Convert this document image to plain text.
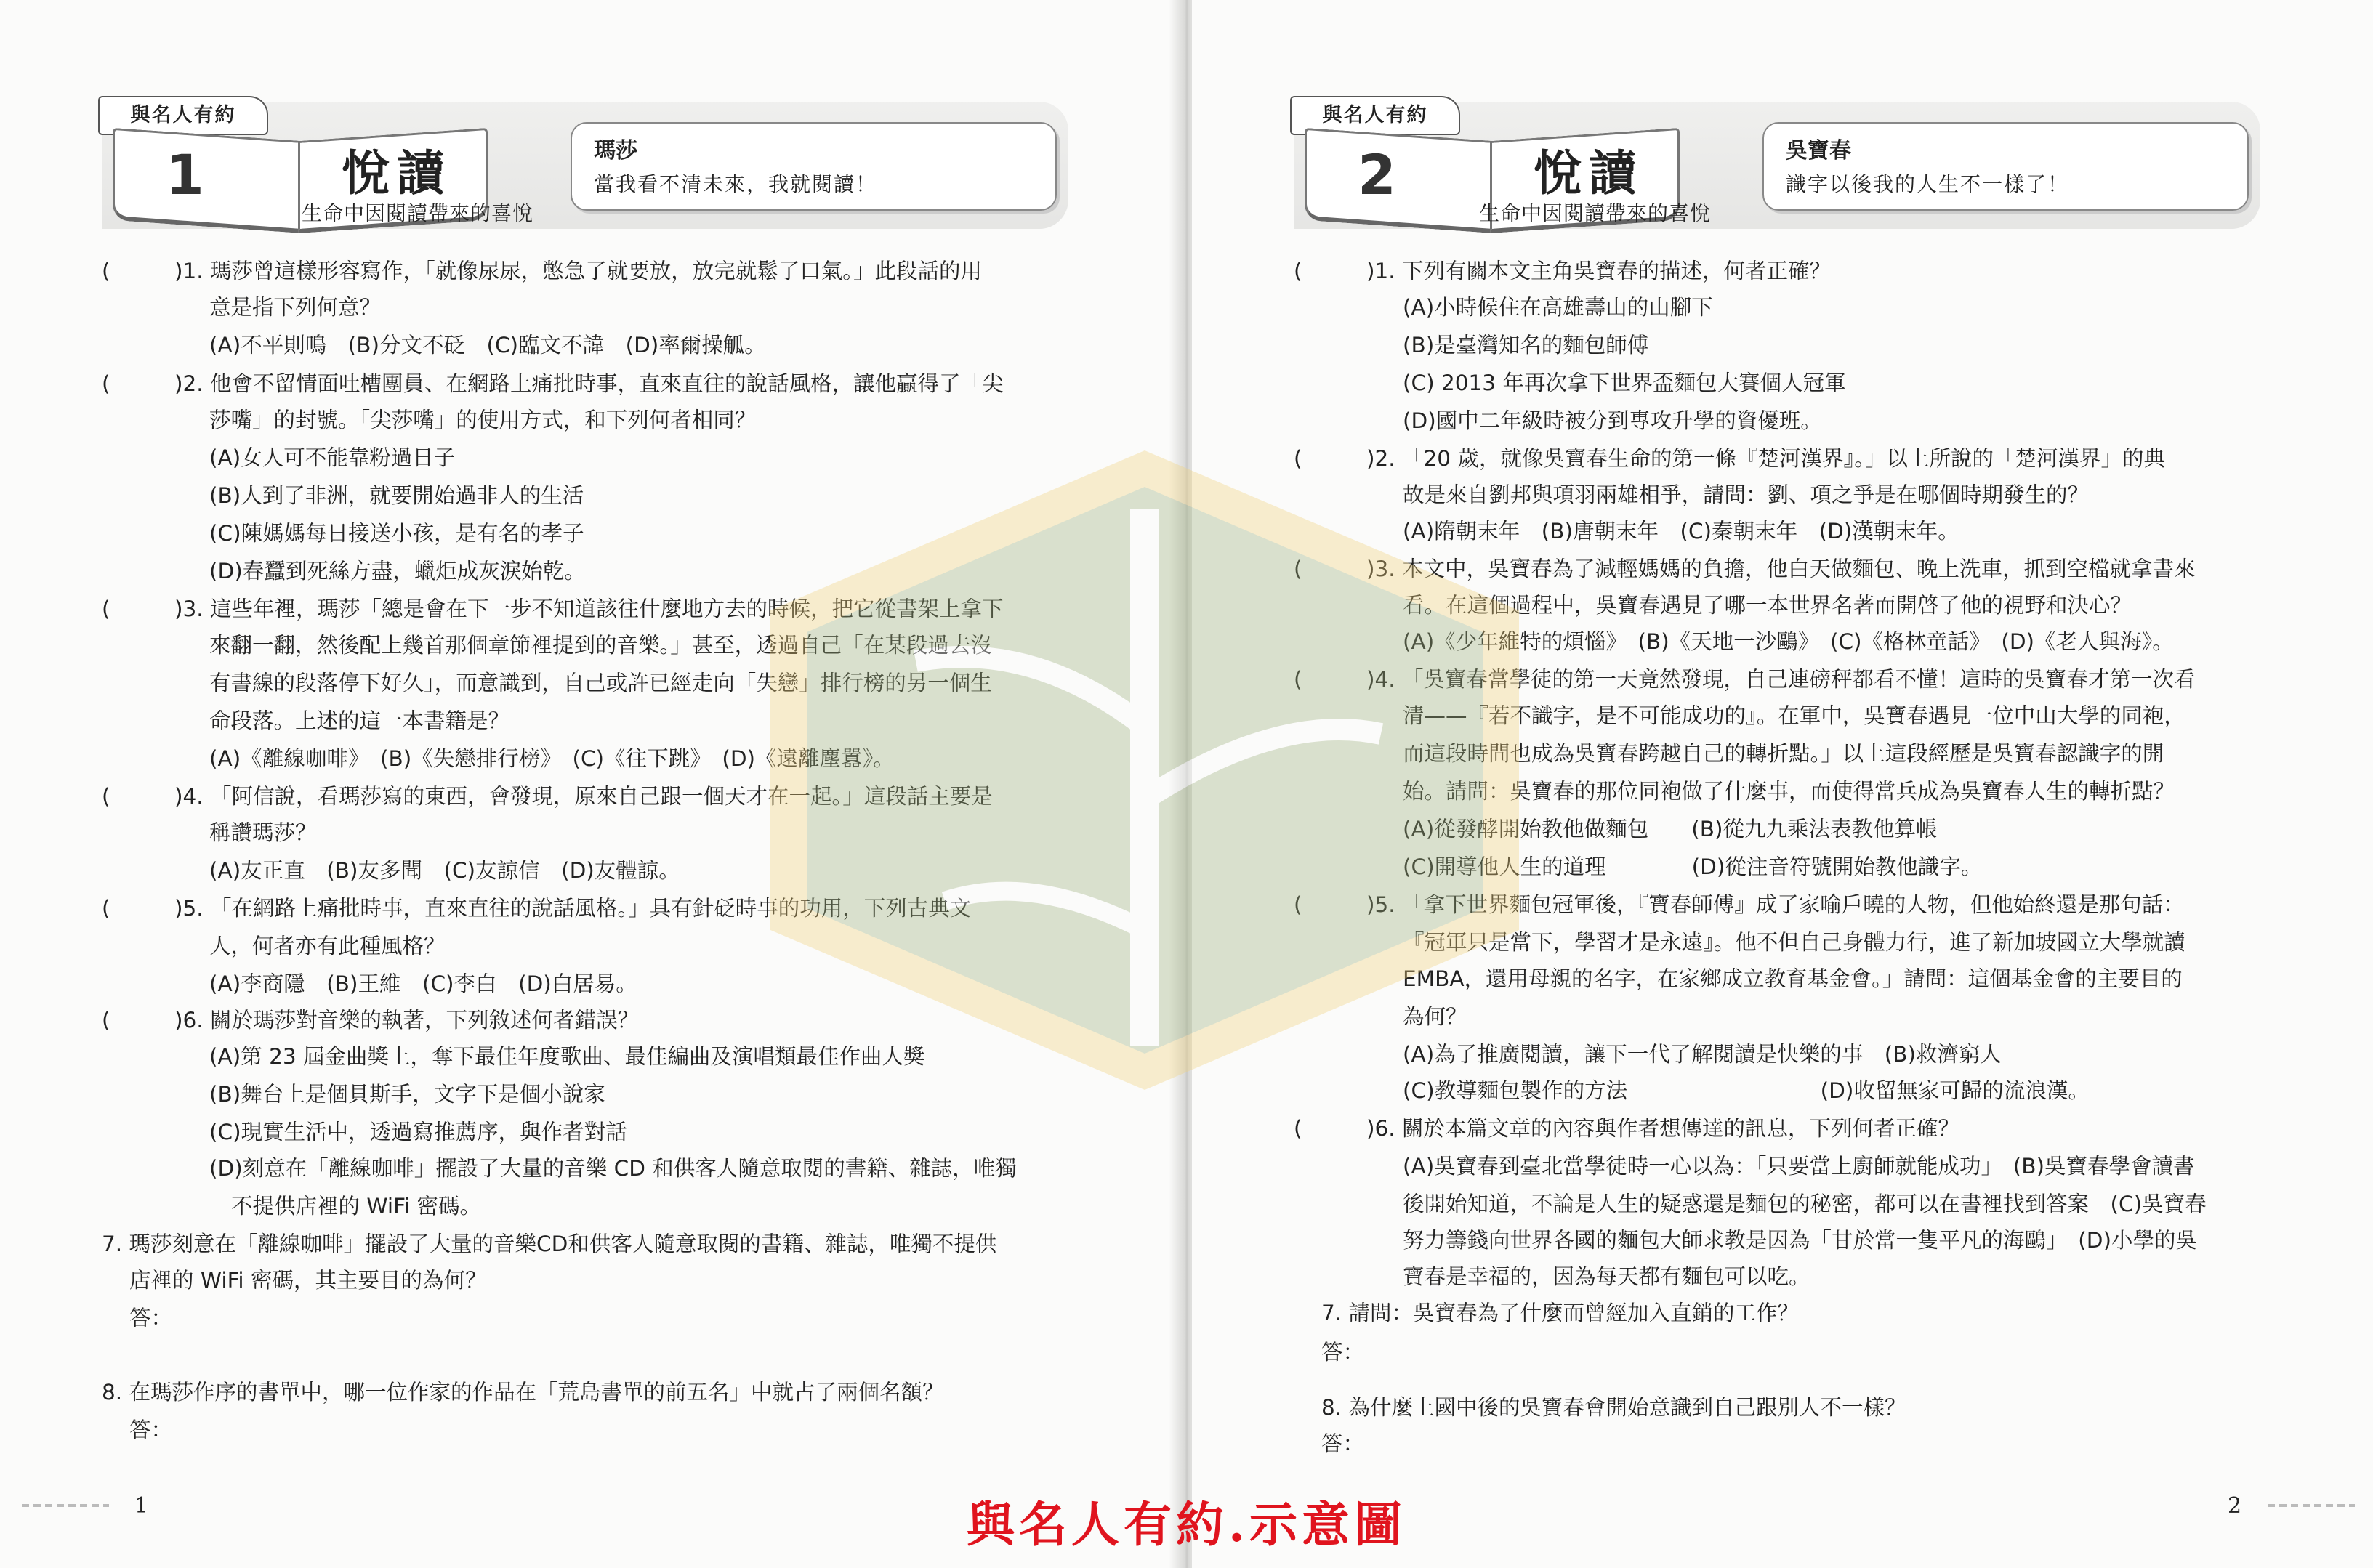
與名人有約
1	悅讀
生命中因閱讀帶來的喜悅
瑪莎
當我看不清未來，我就閱讀！
(　　　)1. 瑪莎曾這樣形容寫作，「就像尿尿，憋急了就要放，放完就鬆了口氣。」此段話的用
意是指下列何意？
(A)不平則鳴　(B)分文不砭　(C)臨文不諱　(D)率爾操觚。
(　　　)2. 他會不留情面吐槽團員、在網路上痛批時事，直來直往的說話風格，讓他贏得了「尖
莎嘴」的封號。「尖莎嘴」的使用方式，和下列何者相同？
(A)女人可不能靠粉過日子
(B)人到了非洲，就要開始過非人的生活
(C)陳媽媽每日接送小孩，是有名的孝子
(D)春蠶到死絲方盡，蠟炬成灰淚始乾。
(　　　)3. 這些年裡，瑪莎「總是會在下一步不知道該往什麼地方去的時候，把它從書架上拿下
來翻一翻，然後配上幾首那個章節裡提到的音樂。」甚至，透過自己「在某段過去沒
有書線的段落停下好久」，而意識到，自己或許已經走向「失戀」排行榜的另一個生
命段落。上述的這一本書籍是？
(A)《離線咖啡》　(B)《失戀排行榜》　(C)《往下跳》　(D)《遠離塵囂》。
(　　　)4. 「阿信說，看瑪莎寫的東西，會發現，原來自己跟一個天才在一起。」這段話主要是
稱讚瑪莎？
(A)友正直　(B)友多聞　(C)友諒信　(D)友體諒。
(　　　)5. 「在網路上痛批時事，直來直往的說話風格。」具有針砭時事的功用，下列古典文
人，何者亦有此種風格？
(A)李商隱　(B)王維　(C)李白　(D)白居易。
(　　　)6. 關於瑪莎對音樂的執著，下列敘述何者錯誤？
(A)第 23 屆金曲獎上，奪下最佳年度歌曲、最佳編曲及演唱類最佳作曲人獎
(B)舞台上是個貝斯手，文字下是個小說家
(C)現實生活中，透過寫推薦序，與作者對話
(D)刻意在「離線咖啡」擺設了大量的音樂 CD 和供客人隨意取閱的書籍、雜誌，唯獨
不提供店裡的 WiFi 密碼。
7. 瑪莎刻意在「離線咖啡」擺設了大量的音樂CD和供客人隨意取閱的書籍、雜誌，唯獨不提供
店裡的 WiFi 密碼，其主要目的為何？
答：
8. 在瑪莎作序的書單中，哪一位作家的作品在「荒島書單的前五名」中就占了兩個名額？
答：
1
與名人有約
2	悅讀
生命中因閱讀帶來的喜悅
吳寶春
識字以後我的人生不一樣了！
(　　　)1. 下列有關本文主角吳寶春的描述，何者正確？
(A)小時候住在高雄壽山的山腳下
(B)是臺灣知名的麵包師傅
(C) 2013 年再次拿下世界盃麵包大賽個人冠軍
(D)國中二年級時被分到專攻升學的資優班。
(　　　)2. 「20 歲，就像吳寶春生命的第一條『楚河漢界』。」以上所說的「楚河漢界」的典
故是來自劉邦與項羽兩雄相爭，請問：劉、項之爭是在哪個時期發生的？
(A)隋朝末年　(B)唐朝末年　(C)秦朝末年　(D)漢朝末年。
(　　　)3. 本文中，吳寶春為了減輕媽媽的負擔，他白天做麵包、晚上洗車，抓到空檔就拿書來
看。在這個過程中，吳寶春遇見了哪一本世界名著而開啓了他的視野和決心？
(A)《少年維特的煩惱》　(B)《天地一沙鷗》　(C)《格林童話》　(D)《老人與海》。
(　　　)4. 「吳寶春當學徒的第一天竟然發現，自己連磅秤都看不懂！這時的吳寶春才第一次看
清——『若不識字，是不可能成功的』。在軍中，吳寶春遇見一位中山大學的同袍，
而這段時間也成為吳寶春跨越自己的轉折點。」以上這段經歷是吳寶春認識字的開
始。請問：吳寶春的那位同袍做了什麼事，而使得當兵成為吳寶春人生的轉折點？
(A)從發酵開始教他做麵包　　(B)從九九乘法表教他算帳
(C)開導他人生的道理　　　　(D)從注音符號開始教他識字。
(　　　)5. 「拿下世界麵包冠軍後，『寶春師傅』成了家喻戶曉的人物，但他始終還是那句話：
『冠軍只是當下，學習才是永遠』。他不但自己身體力行，進了新加坡國立大學就讀
EMBA，還用母親的名字，在家鄉成立教育基金會。」請問：這個基金會的主要目的
為何？
(A)為了推廣閱讀，讓下一代了解閱讀是快樂的事　(B)救濟窮人
(C)教導麵包製作的方法　　　　　　　　　(D)收留無家可歸的流浪漢。
(　　　)6. 關於本篇文章的內容與作者想傳達的訊息，下列何者正確？
(A)吳寶春到臺北當學徒時一心以為：「只要當上廚師就能成功」　(B)吳寶春學會讀書
後開始知道，不論是人生的疑惑還是麵包的秘密，都可以在書裡找到答案　(C)吳寶春
努力籌錢向世界各國的麵包大師求教是因為「甘於當一隻平凡的海鷗」　(D)小學的吳
寶春是幸福的，因為每天都有麵包可以吃。
7. 請問：吳寶春為了什麼而曾經加入直銷的工作？
答：
8. 為什麼上國中後的吳寶春會開始意識到自己跟別人不一樣？
答：
2
與名人有約.示意圖
